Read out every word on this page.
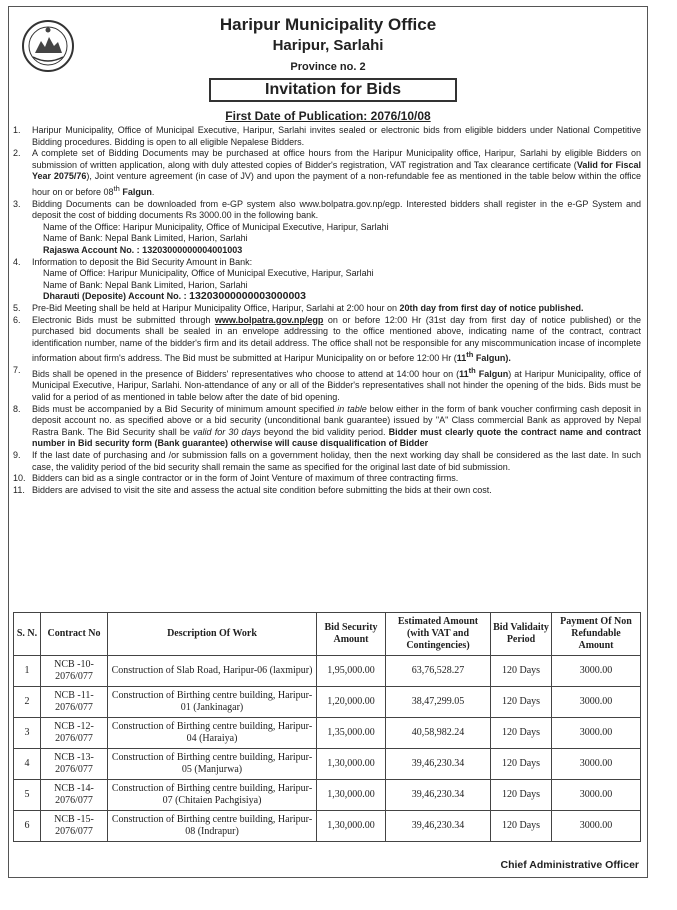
Haripur Municipality Office
Haripur, Sarlahi
Province no. 2
Invitation for Bids
First Date of Publication: 2076/10/08
1. Haripur Municipality, Office of Municipal Executive, Haripur, Sarlahi invites sealed or electronic bids from eligible bidders under National Competitive Bidding procedures. Bidding is open to all eligible Nepalese Bidders.
2. A complete set of Bidding Documents may be purchased at office hours from the Haripur Municipality office, Haripur, Sarlahi by eligible Bidders on submission of written application, along with duly attested copies of Bidder's registration, VAT registration and Tax clearance certificate (Valid for Fiscal Year 2075/76), Joint venture agreement (in case of JV) and upon the payment of a non-refundable fee as mentioned in the table below within the office hour on or before 08th Falgun.
3. Bidding Documents can be downloaded from e-GP system also www.bolpatra.gov.np/egp. Interested bidders shall register in the e-GP System and deposit the cost of bidding documents Rs 3000.00 in the following bank.
Name of the Office: Haripur Municipality, Office of Municipal Executive, Haripur, Sarlahi
Name of Bank: Nepal Bank Limited, Harion, Sarlahi
Rajaswa Account No. : 13203000000004001003
4. Information to deposit the Bid Security Amount in Bank:
Name of Office: Haripur Municipality, Office of Municipal Executive, Haripur, Sarlahi
Name of Bank: Nepal Bank Limited, Harion, Sarlahi
Dharauti (Deposite) Account No. : 13203000000003000003
5. Pre-Bid Meeting shall be held at Haripur Municipality Office, Haripur, Sarlahi at 2:00 hour on 20th day from first day of notice published.
6. Electronic Bids must be submitted through www.bolpatra.gov.np/egp on or before 12:00 Hr (31st day from first day of notice published) or the purchased bid documents shall be sealed in an envelope addressing to the office mentioned above, indicating name of the contract, contract identification number, name of the bidder's firm and its detail address. The office shall not be responsible for any miscommunication incase of incomplete information about firm's address. The Bid must be submitted at Haripur Municipality on or before 12:00 Hr (11th Falgun).
7. Bids shall be opened in the presence of Bidders' representatives who choose to attend at 14:00 hour on (11th Falgun) at Haripur Municipality, office of Municipal Executive, Haripur, Sarlahi. Non-attendance of any or all of the Bidder's representatives shall not hinder the opening of the bids. Bids must be valid for a period of as mentioned in table below after the date of bid opening.
8. Bids must be accompanied by a Bid Security of minimum amount specified in table below either in the form of bank voucher confirming cash deposit in deposit account no. as specified above or a bid security (unconditional bank guarantee) issued by "A" Class commercial Bank as approved by Nepal Rastra Bank. The Bid Security shall be valid for 30 days beyond the bid validity period. Bidder must clearly quote the contract name and contract number in Bid security form (Bank guarantee) otherwise will cause disqualification of Bidder
9. If the last date of purchasing and /or submission falls on a government holiday, then the next working day shall be considered as the last date. In such case, the validity period of the bid security shall remain the same as specified for the original last date of bid submission.
10. Bidders can bid as a single contractor or in the form of Joint Venture of maximum of three contracting firms.
11. Bidders are advised to visit the site and assess the actual site condition before submitting the bids at their own cost.
S. N.	Contract No	Description Of Work	Bid Security Amount	Estimated Amount (with VAT and Contingencies)	Bid Validaity Period	Payment Of Non Refundable Amount
1	NCB -10- 2076/077	Construction of Slab Road, Haripur-06 (laxmipur)	1,95,000.00	63,76,528.27	120 Days	3000.00
2	NCB -11- 2076/077	Construction of Birthing centre building, Haripur-01 (Jankinagar)	1,20,000.00	38,47,299.05	120 Days	3000.00
3	NCB -12- 2076/077	Construction of Birthing centre building, Haripur-04 (Haraiya)	1,35,000.00	40,58,982.24	120 Days	3000.00
4	NCB -13- 2076/077	Construction of Birthing centre building, Haripur-05 (Manjurwa)	1,30,000.00	39,46,230.34	120 Days	3000.00
5	NCB -14- 2076/077	Construction of Birthing centre building, Haripur-07 (Chitaien Pachgisiya)	1,30,000.00	39,46,230.34	120 Days	3000.00
6	NCB -15- 2076/077	Construction of Birthing centre building, Haripur-08 (Indrapur)	1,30,000.00	39,46,230.34	120 Days	3000.00
Chief Administrative Officer
